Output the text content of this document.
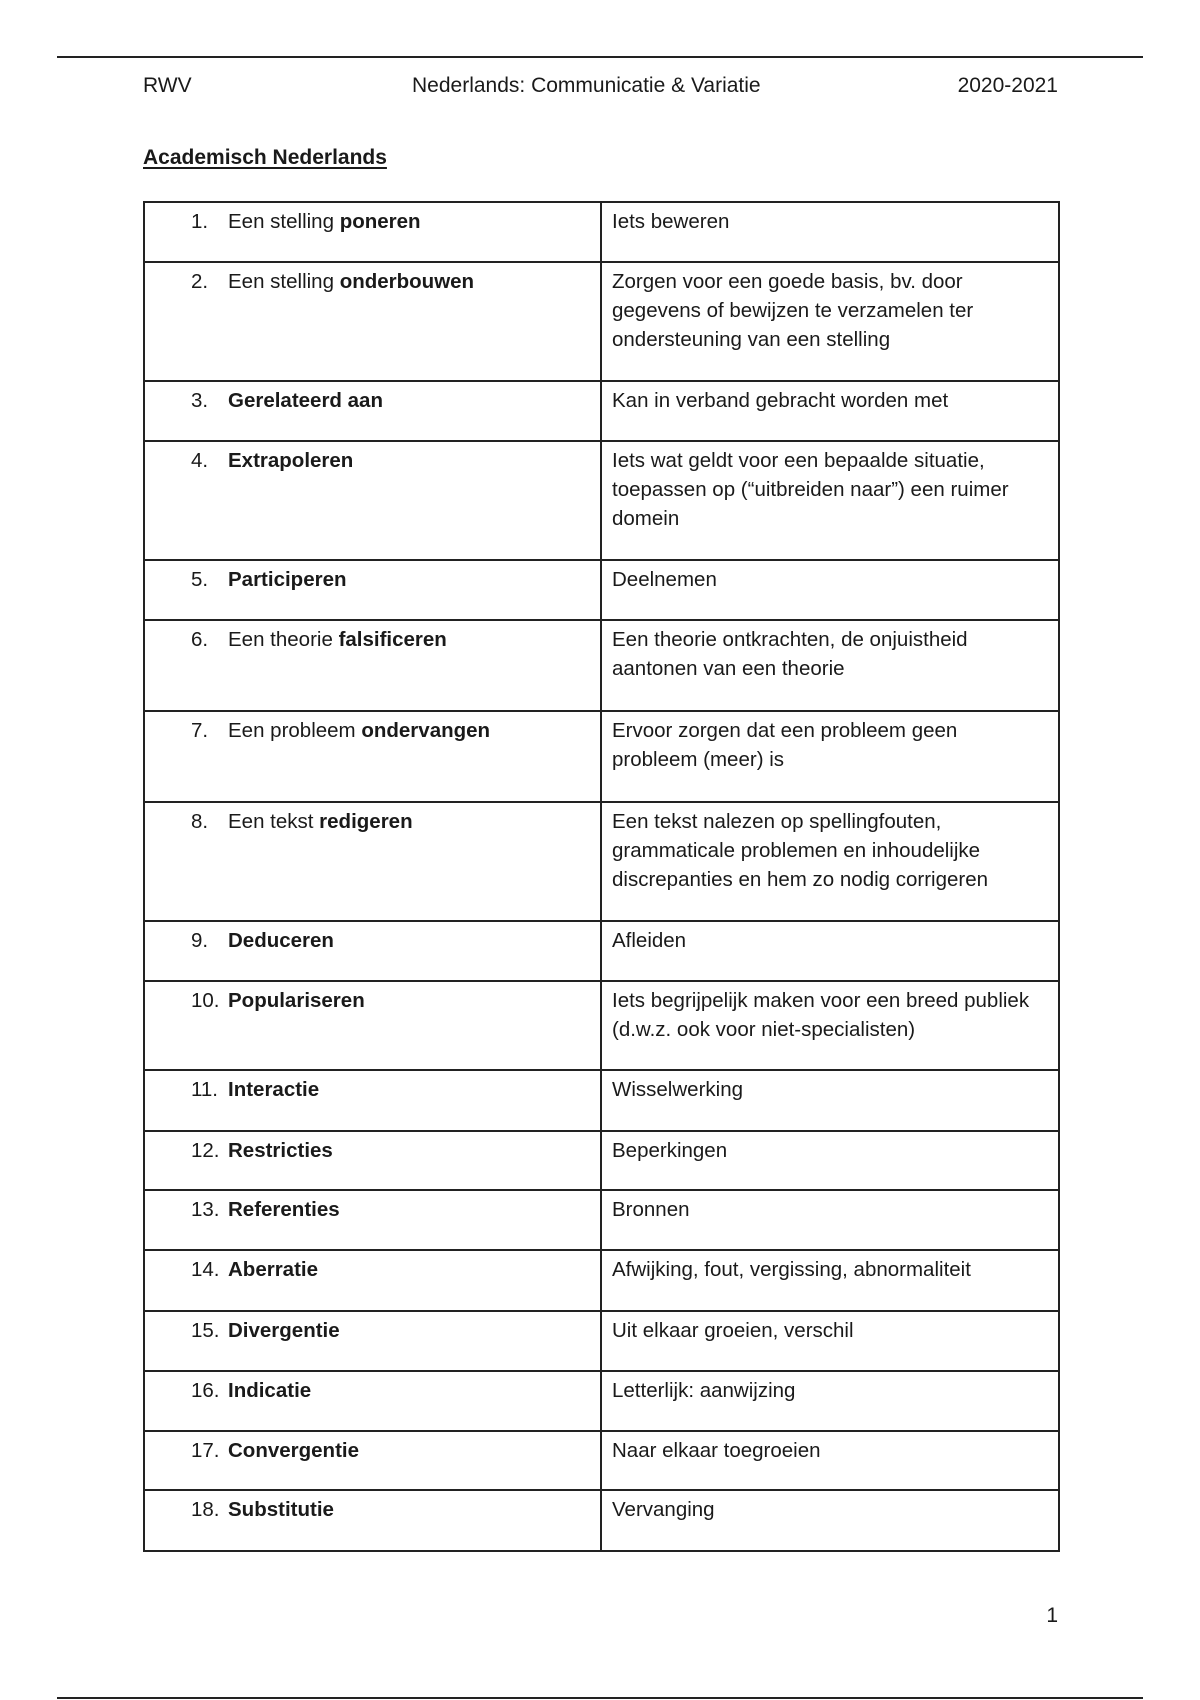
RWV	Nederlands: Communicatie & Variatie	2020-2021
Academisch Nederlands
1. Een stelling poneren	Iets beweren
2. Een stelling onderbouwen	Zorgen voor een goede basis, bv. door gegevens of bewijzen te verzamelen ter ondersteuning van een stelling
3. Gerelateerd aan	Kan in verband gebracht worden met
4. Extrapoleren	Iets wat geldt voor een bepaalde situatie, toepassen op (“uitbreiden naar”) een ruimer domein
5. Participeren	Deelnemen
6. Een theorie falsificeren	Een theorie ontkrachten, de onjuistheid aantonen van een theorie
7. Een probleem ondervangen	Ervoor zorgen dat een probleem geen probleem (meer) is
8. Een tekst redigeren	Een tekst nalezen op spellingfouten, grammaticale problemen en inhoudelijke discrepanties en hem zo nodig corrigeren
9. Deduceren	Afleiden
10. Populariseren	Iets begrijpelijk maken voor een breed publiek (d.w.z. ook voor niet-specialisten)
11. Interactie	Wisselwerking
12. Restricties	Beperkingen
13. Referenties	Bronnen
14. Aberratie	Afwijking, fout, vergissing, abnormaliteit
15. Divergentie	Uit elkaar groeien, verschil
16. Indicatie	Letterlijk: aanwijzing
17. Convergentie	Naar elkaar toegroeien
18. Substitutie	Vervanging
1
